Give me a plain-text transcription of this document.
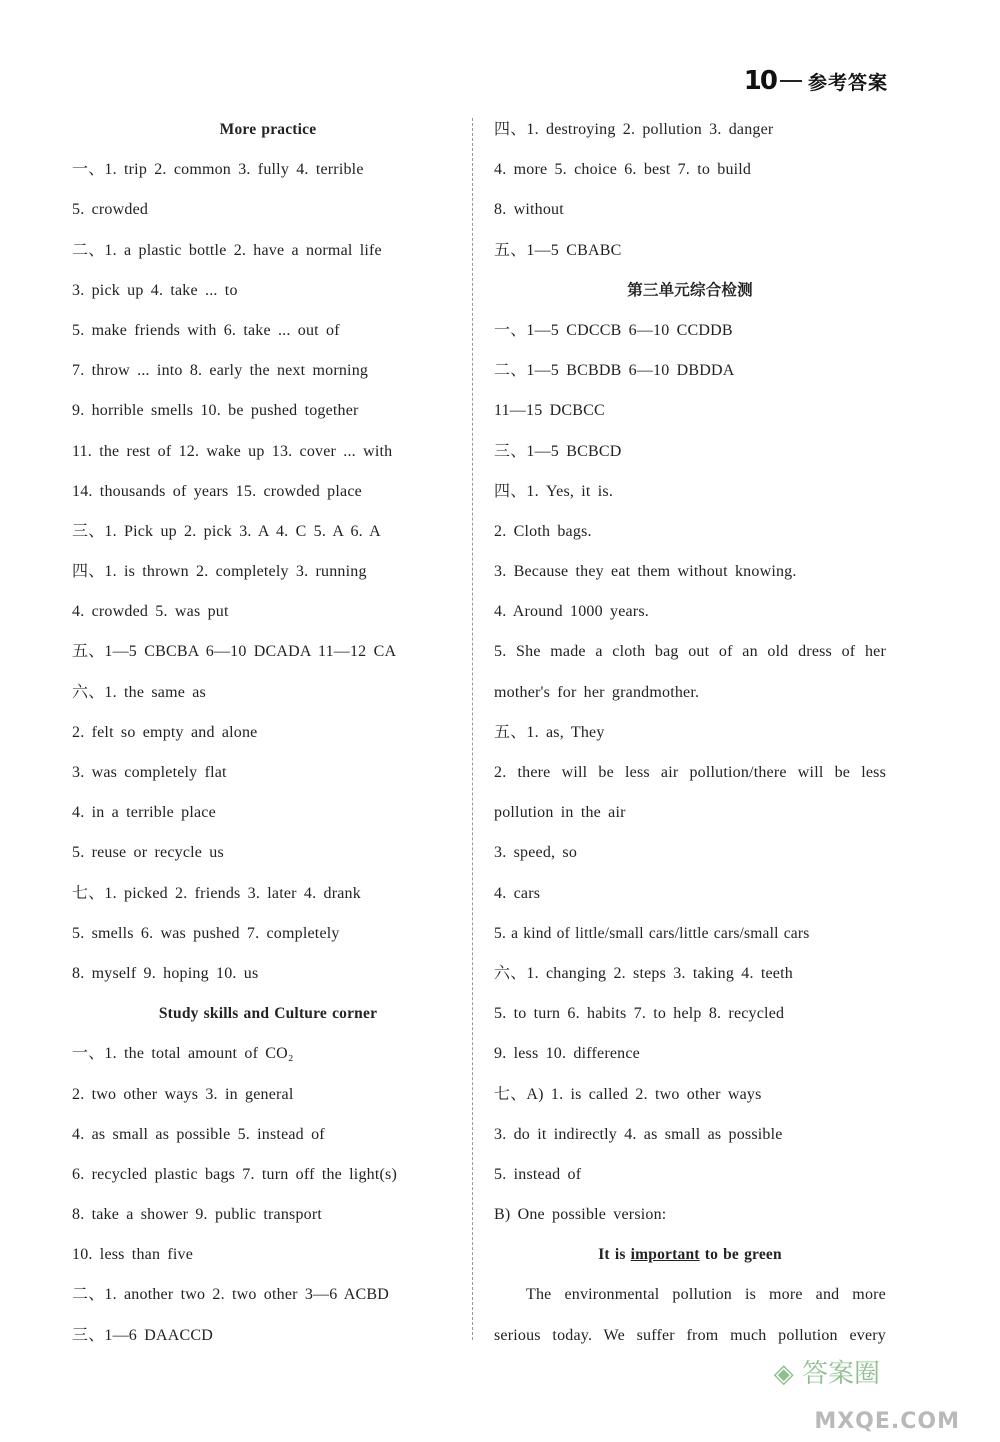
10 参考答案
More practice
一、1. trip 2. common 3. fully 4. terrible
5. crowded
二、1. a plastic bottle 2. have a normal life
3. pick up 4. take ... to
5. make friends with 6. take ... out of
7. throw ... into 8. early the next morning
9. horrible smells 10. be pushed together
11. the rest of 12. wake up 13. cover ... with
14. thousands of years 15. crowded place
三、1. Pick up 2. pick 3. A 4. C 5. A 6. A
四、1. is thrown 2. completely 3. running
4. crowded 5. was put
五、1—5 CBCBA 6—10 DCADA 11—12 CA
六、1. the same as
2. felt so empty and alone
3. was completely flat
4. in a terrible place
5. reuse or recycle us
七、1. picked 2. friends 3. later 4. drank
5. smells 6. was pushed 7. completely
8. myself 9. hoping 10. us
Study skills and Culture corner
一、1. the total amount of CO₂
2. two other ways 3. in general
4. as small as possible 5. instead of
6. recycled plastic bags 7. turn off the light(s)
8. take a shower 9. public transport
10. less than five
二、1. another two 2. two other 3—6 ACBD
三、1—6 DAACCD
四、1. destroying 2. pollution 3. danger
4. more 5. choice 6. best 7. to build
8. without
五、1—5 CBABC
第三单元综合检测
一、1—5 CDCCB 6—10 CCDDB
二、1—5 BCBDB 6—10 DBDDA
11—15 DCBCC
三、1—5 BCBCD
四、1. Yes, it is.
2. Cloth bags.
3. Because they eat them without knowing.
4. Around 1000 years.
5. She made a cloth bag out of an old dress of her
mother's for her grandmother.
五、1. as, They
2. there will be less air pollution/there will be less
pollution in the air
3. speed, so
4. cars
5. a kind of little/small cars/little cars/small cars
六、1. changing 2. steps 3. taking 4. teeth
5. to turn 6. habits 7. to help 8. recycled
9. less 10. difference
七、A) 1. is called 2. two other ways
3. do it indirectly 4. as small as possible
5. instead of
B) One possible version:
It is important to be green
The environmental pollution is more and more
serious today. We suffer from much pollution every
◈ 答案圈
MXQE.COM
